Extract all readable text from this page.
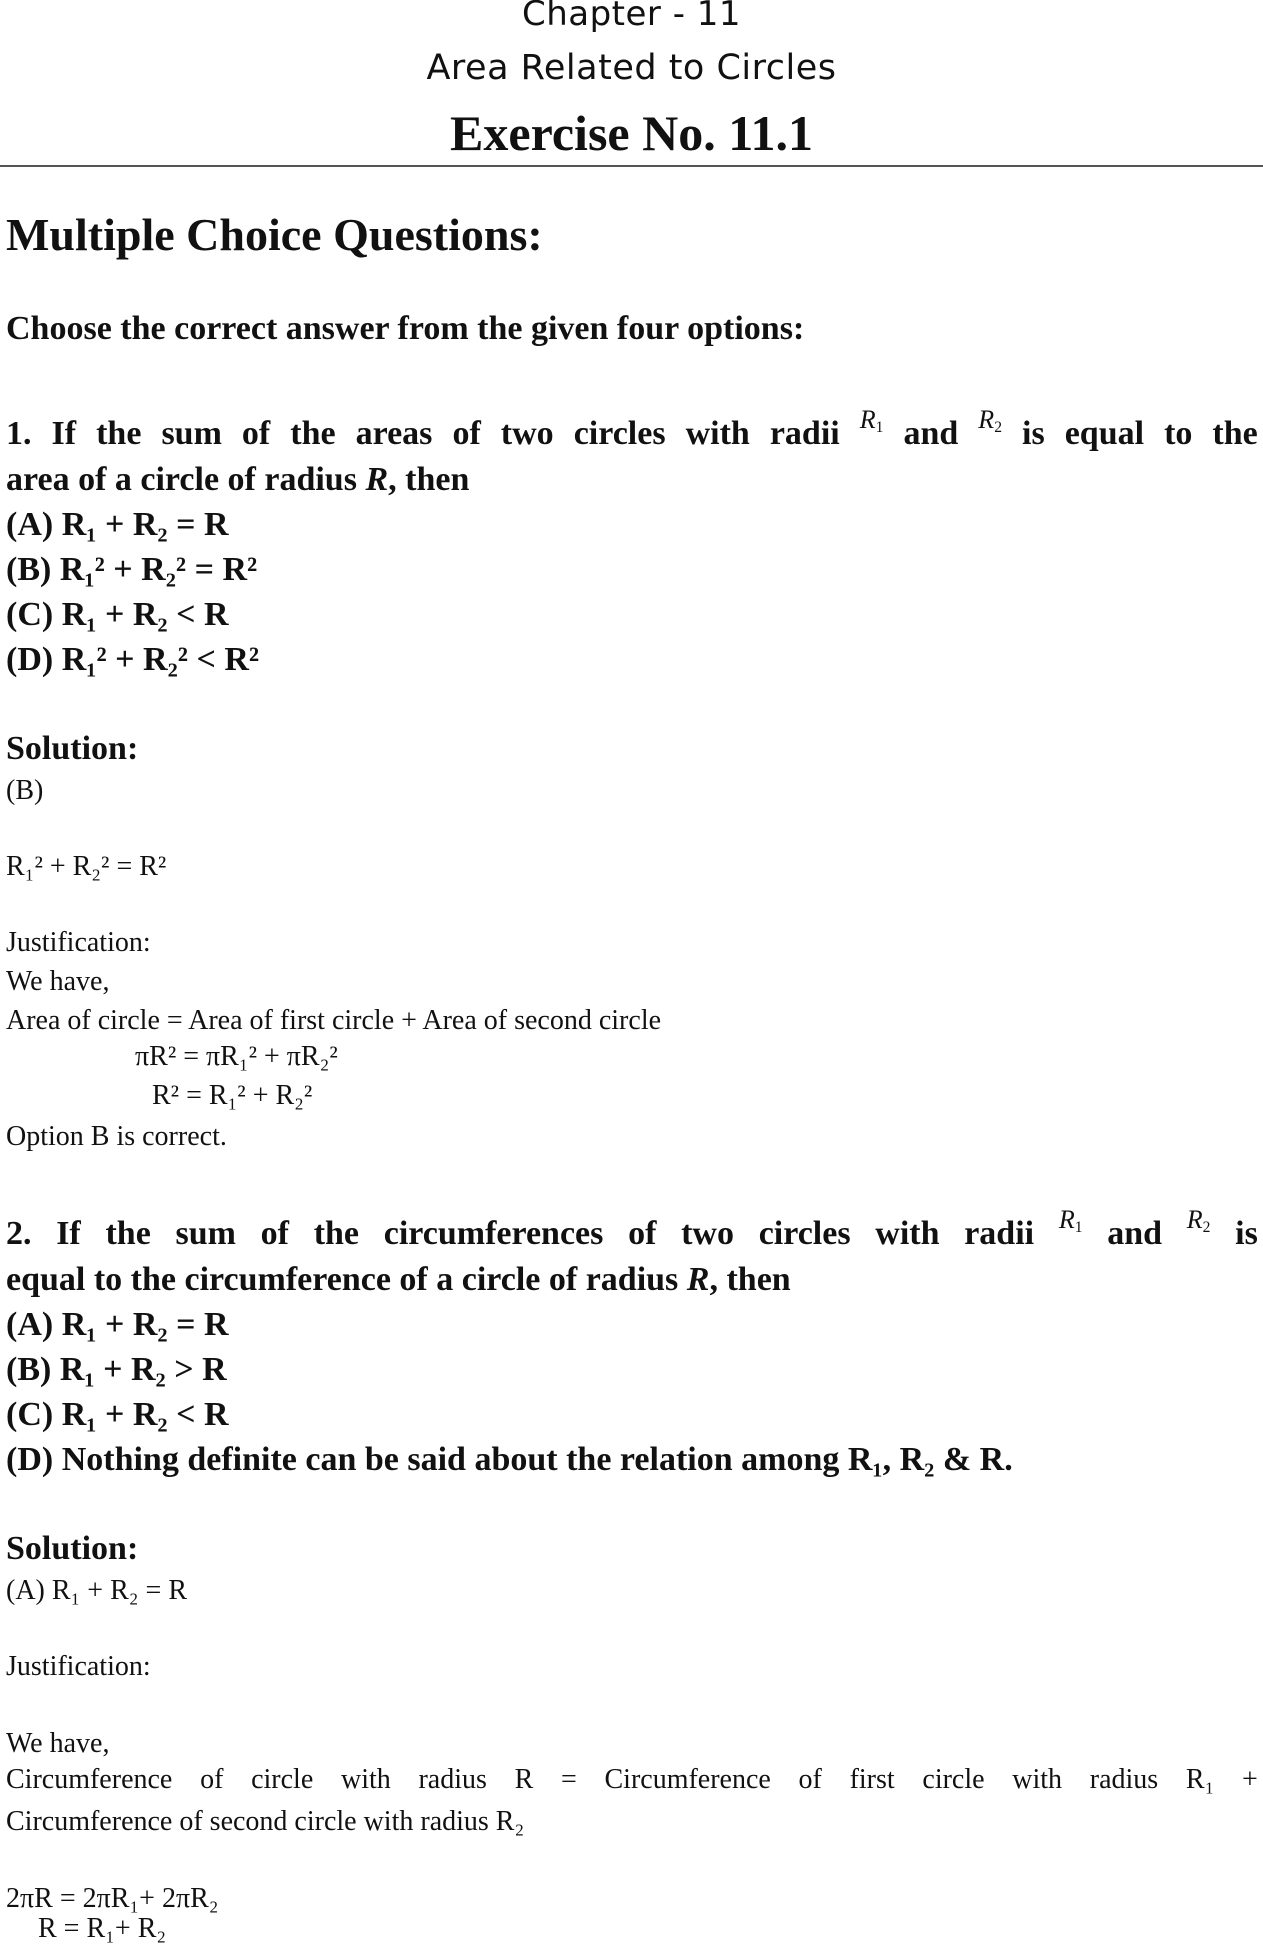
Chapter - 11
Area Related to Circles
Exercise No. 11.1
Multiple Choice Questions:
Choose the correct answer from the given four options:
1. If the sum of the areas of two circles with radii $R_1$ and $R_2$ is equal to the
area of a circle of radius R, then
(A) R₁ + R₂ = R
(B) R₁² + R₂² = R²
(C) R₁ + R₂ < R
(D) R₁² + R₂² < R²
Solution:
(B)
R₁² + R₂² = R²
Justification:
We have,
Area of circle = Area of first circle + Area of second circle
πR² = πR₁² + πR₂²
R² = R₁² + R₂²
Option B is correct.
2. If the sum of the circumferences of two circles with radii $R_1$ and $R_2$ is
equal to the circumference of a circle of radius R, then
(A) R₁ + R₂ = R
(B) R₁ + R₂ > R
(C) R₁ + R₂ < R
(D) Nothing definite can be said about the relation among R₁, R₂ & R.
Solution:
(A) R₁ + R₂ = R
Justification:
We have,
Circumference of circle with radius R = Circumference of first circle with radius R₁ +
Circumference of second circle with radius R₂
2πR = 2πR₁+ 2πR₂
R = R₁+ R₂
